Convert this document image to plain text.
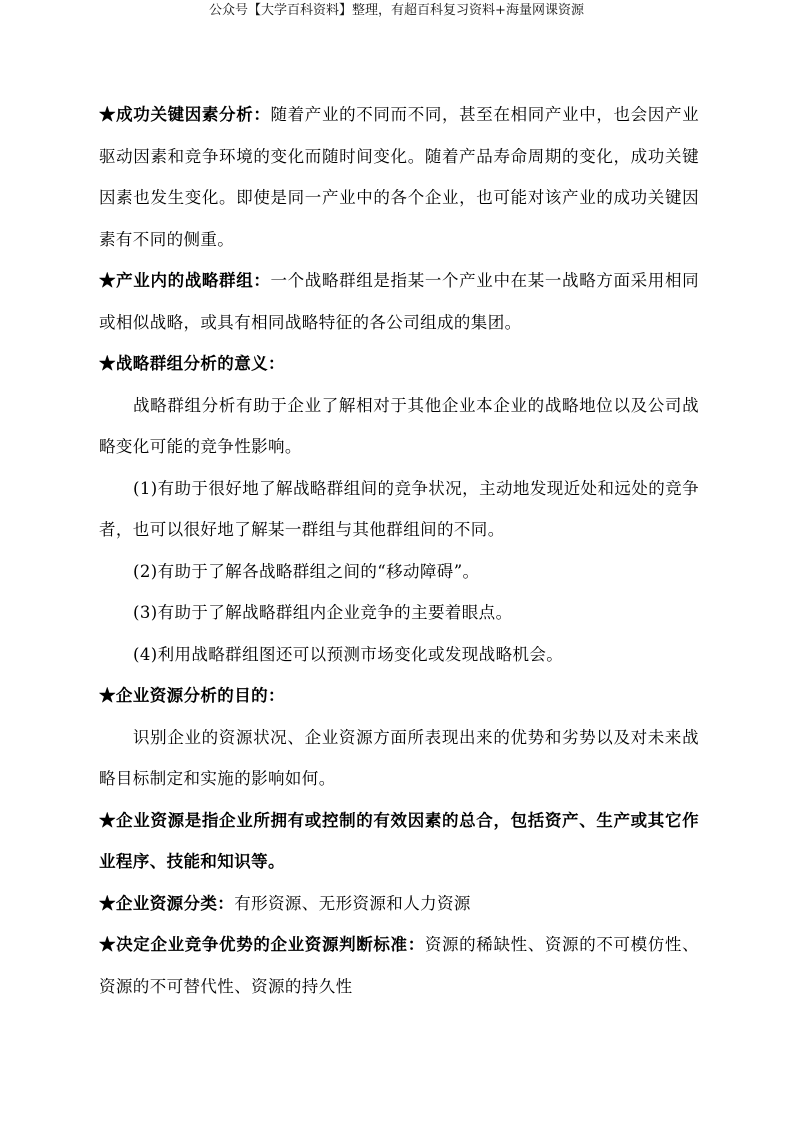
公众号【大学百科资料】整理，有超百科复习资料+海量网课资源

★成功关键因素分析：随着产业的不同而不同，甚至在相同产业中，也会因产业驱动因素和竞争环境的变化而随时间变化。随着产品寿命周期的变化，成功关键因素也发生变化。即使是同一产业中的各个企业，也可能对该产业的成功关键因素有不同的侧重。

★产业内的战略群组：一个战略群组是指某一个产业中在某一战略方面采用相同或相似战略，或具有相同战略特征的各公司组成的集团。

★战略群组分析的意义：

战略群组分析有助于企业了解相对于其他企业本企业的战略地位以及公司战略变化可能的竞争性影响。

(1)有助于很好地了解战略群组间的竞争状况，主动地发现近处和远处的竞争者，也可以很好地了解某一群组与其他群组间的不同。

(2)有助于了解各战略群组之间的“移动障碍”。

(3)有助于了解战略群组内企业竞争的主要着眼点。

(4)利用战略群组图还可以预测市场变化或发现战略机会。

★企业资源分析的目的：

识别企业的资源状况、企业资源方面所表现出来的优势和劣势以及对未来战略目标制定和实施的影响如何。

★企业资源是指企业所拥有或控制的有效因素的总合，包括资产、生产或其它作业程序、技能和知识等。

★企业资源分类：有形资源、无形资源和人力资源

★决定企业竞争优势的企业资源判断标准：资源的稀缺性、资源的不可模仿性、资源的不可替代性、资源的持久性
